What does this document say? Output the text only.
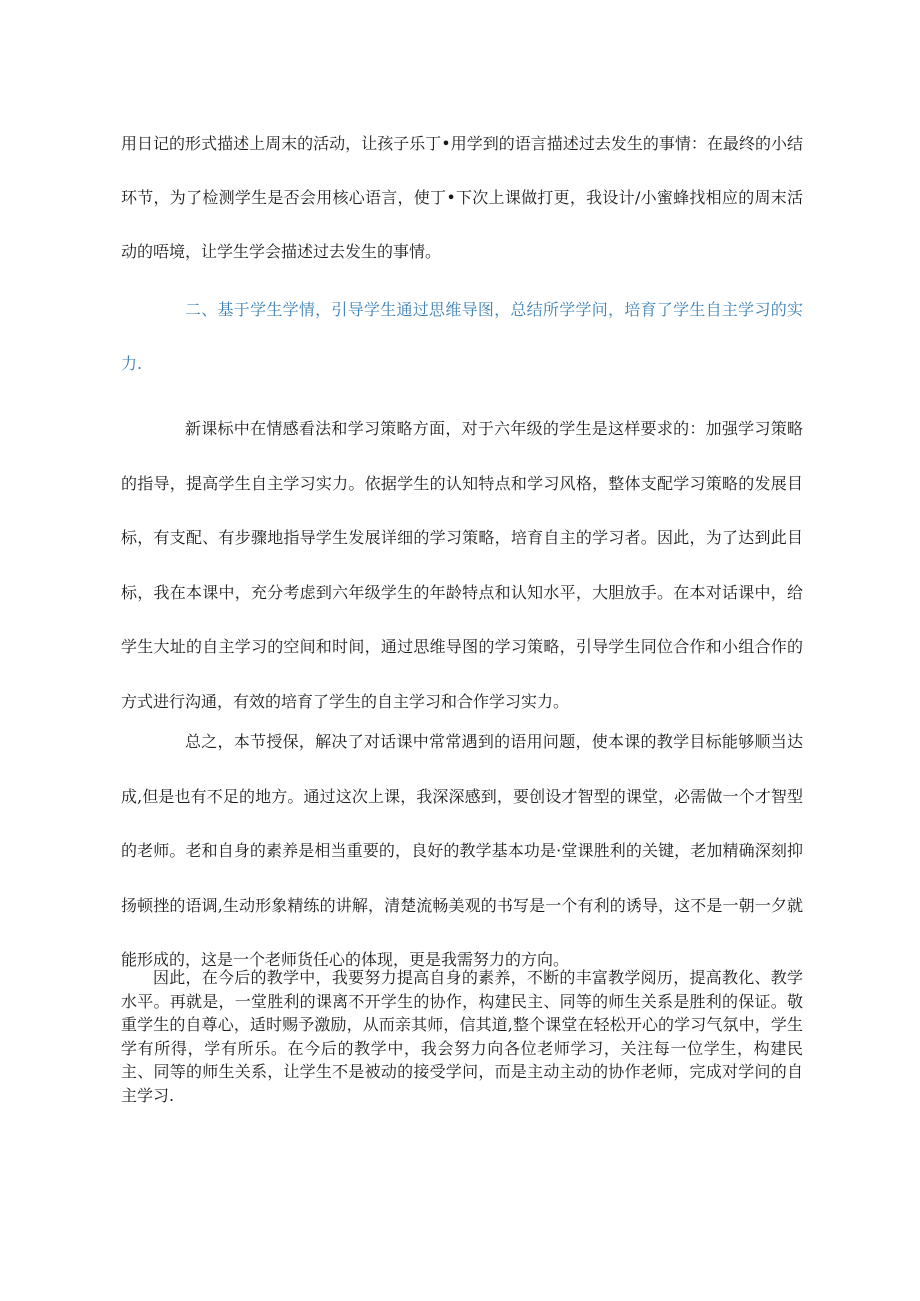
用日记的形式描述上周末的活动，让孩子乐丁•用学到的语言描述过去发生的事情：在最终的小结环节，为了检测学生是否会用核心语言，使丁•下次上课做打更，我设计/小蜜蜂找相应的周末活动的唔境，让学生学会描述过去发生的事情。

二、基于学生学情，引导学生通过思维导图，总结所学学问，培育了学生自主学习的实力.

新课标中在情感看法和学习策略方面，对于六年级的学生是这样要求的：加强学习策略的指导，提高学生自主学习实力。依据学生的认知特点和学习风格，整体支配学习策略的发展目标，有支配、有步骤地指导学生发展详细的学习策略，培育自主的学习者。因此，为了达到此目标，我在本课中，充分考虑到六年级学生的年龄特点和认知水平，大胆放手。在本对话课中，给学生大址的自主学习的空间和时间，通过思维导图的学习策略，引导学生同位合作和小组合作的方式进行沟通，有效的培育了学生的自主学习和合作学习实力。

总之，本节授保，解决了对话课中常常遇到的语用问题，使本课的教学目标能够顺当达成,但是也有不足的地方。通过这次上课，我深深感到，要创设才智型的课堂，必需做一个才智型的老师。老和自身的素养是相当重要的，良好的教学基本功是·堂课胜利的关键，老加精确深刻抑扬顿挫的语调,生动形象精练的讲解，清楚流畅美观的书写是一个有利的诱导，这不是一朝一夕就能形成的，这是一个老师货任心的体现，更是我需努力的方向。

因此，在今后的教学中，我要努力提高自身的素养，不断的丰富教学阅历，提高教化、教学水平。再就是，一堂胜利的课离不开学生的协作，构建民主、同等的师生关系是胜利的保证。敬重学生的自尊心，适时赐予激励，从而亲其师，信其道,整个课堂在轻松开心的学习气氛中，学生学有所得，学有所乐。在今后的教学中，我会努力向各位老师学习，关注每一位学生，构建民主、同等的师生关系，让学生不是被动的接受学问，而是主动主动的协作老师，完成对学问的自主学习.
